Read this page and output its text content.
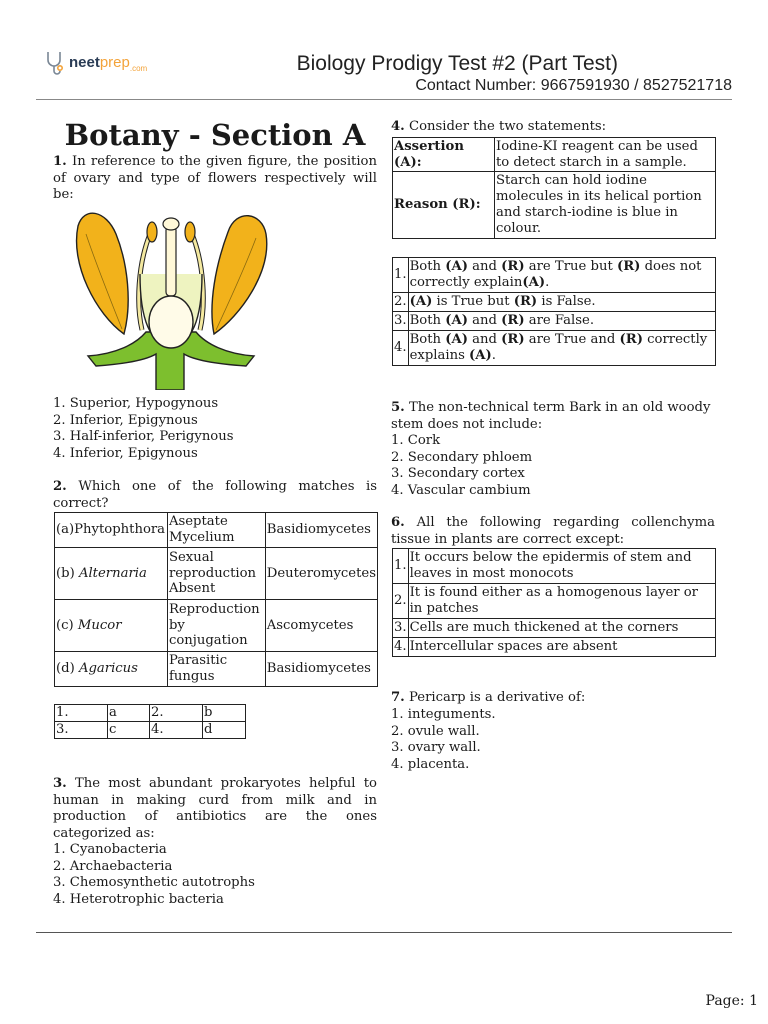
neetprep$_{.com}$	Biology Prodigy Test #2 (Part Test)
Contact Number: 9667591930 / 8527521718
Botany - Section A
1. In reference to the given figure, the position of ovary and type of flowers respectively will be:
1. Superior, Hypogynous
2. Inferior, Epigynous
3. Half-inferior, Perigynous
4. Inferior, Epigynous
2. Which one of the following matches is correct?
(a)Phytophthora	Aseptate Mycelium	Basidiomycetes
(b) Alternaria	Sexual reproduction Absent	Deuteromycetes
(c) Mucor	Reproduction by conjugation	Ascomycetes
(d) Agaricus	Parasitic fungus	Basidiomycetes
1.	a	2.	b
3.	c	4.	d
3. The most abundant prokaryotes helpful to human in making curd from milk and in production of antibiotics are the ones categorized as:
1. Cyanobacteria
2. Archaebacteria
3. Chemosynthetic autotrophs
4. Heterotrophic bacteria
4. Consider the two statements:
Assertion (A):	Iodine-KI reagent can be used to detect starch in a sample.
Reason (R):	Starch can hold iodine molecules in its helical portion and starch-iodine is blue in colour.
1.	Both (A) and (R) are True but (R) does not correctly explain(A).
2.	(A) is True but (R) is False.
3.	Both (A) and (R) are False.
4.	Both (A) and (R) are True and (R) correctly explains (A).
5. The non-technical term Bark in an old woody stem does not include:
1. Cork
2. Secondary phloem
3. Secondary cortex
4. Vascular cambium
6. All the following regarding collenchyma tissue in plants are correct except:
1.	It occurs below the epidermis of stem and leaves in most monocots
2.	It is found either as a homogenous layer or in patches
3.	Cells are much thickened at the corners
4.	Intercellular spaces are absent
7. Pericarp is a derivative of:
1. integuments.
2. ovule wall.
3. ovary wall.
4. placenta.
Page: 1
